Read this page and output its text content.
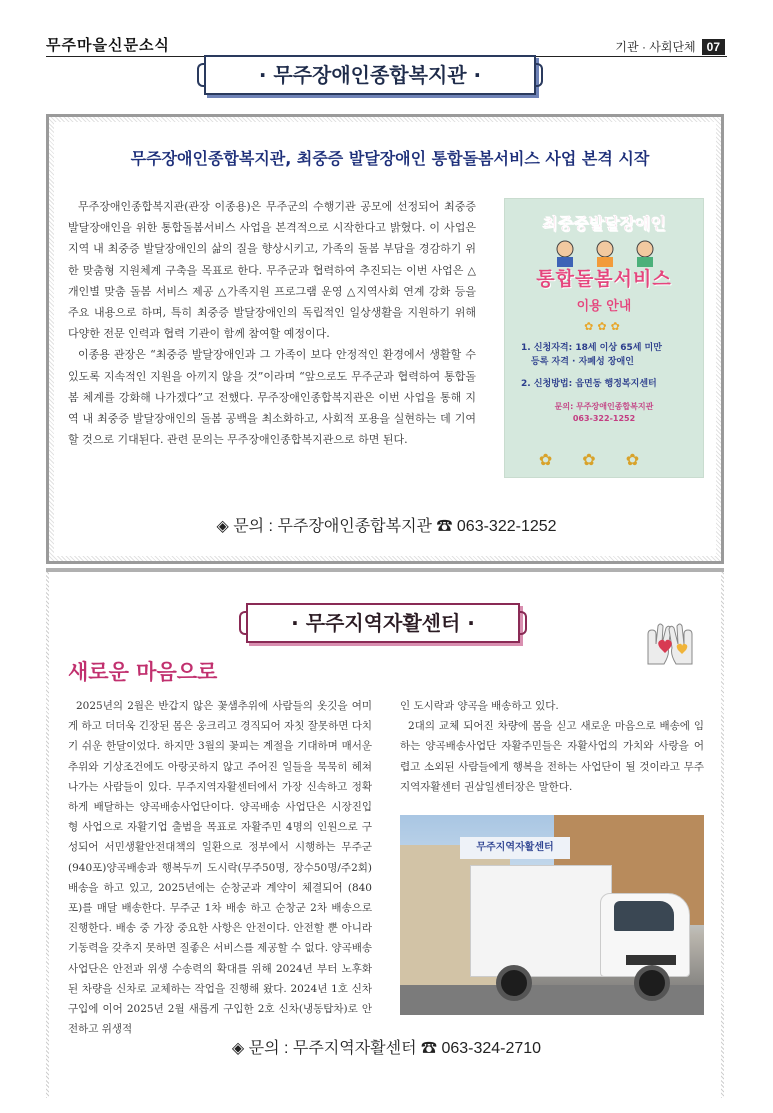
무주마을신문소식	기관 · 사회단체 07
· 무주장애인종합복지관 ·
무주장애인종합복지관, 최중증 발달장애인 통합돌봄서비스 사업 본격 시작

무주장애인종합복지관(관장 이종용)은 무주군의 수행기관 공모에 선정되어 최중증 발달장애인을 위한 통합돌봄서비스 사업을 본격적으로 시작한다고 밝혔다. 이 사업은 지역 내 최중증 발달장애인의 삶의 질을 향상시키고, 가족의 돌봄 부담을 경감하기 위한 맞춤형 지원체계 구축을 목표로 한다. 무주군과 협력하여 추진되는 이번 사업은 △개인별 맞춤 돌봄 서비스 제공 △가족지원 프로그램 운영 △지역사회 연계 강화 등을 주요 내용으로 하며, 특히 최중증 발달장애인의 독립적인 일상생활을 지원하기 위해 다양한 전문 인력과 협력 기관이 함께 참여할 예정이다.

이종용 관장은 “최중증 발달장애인과 그 가족이 보다 안정적인 환경에서 생활할 수 있도록 지속적인 지원을 아끼지 않을 것”이라며 “앞으로도 무주군과 협력하여 통합돌봄 체계를 강화해 나가겠다”고 전했다. 무주장애인종합복지관은 이번 사업을 통해 지역 내 최중증 발달장애인의 돌봄 공백을 최소화하고, 사회적 포용을 실현하는 데 기여할 것으로 기대된다. 관련 문의는 무주장애인종합복지관으로 하면 된다.

최중증발달장애인
통합돌봄서비스
이용 안내
✿✿✿
1. 신청자격: 18세 이상 65세 미만
등록 자격 · 자폐성 장애인
2. 신청방법: 읍면동 행정복지센터
문의: 무주장애인종합복지관
063-322-1252
✿✿✿
◈ 문의 : 무주장애인종합복지관 ☎ 063-322-1252
· 무주지역자활센터 ·
새로운 마음으로

2025년의 2월은 반갑지 않은 꽃샘추위에 사람들의 옷깃을 여미게 하고 더더욱 긴장된 몸은 웅크리고 경직되어 자칫 잘못하면 다치기 쉬운 한달이었다. 하지만 3월의 꽃피는 계절을 기대하며 매서운 추위와 기상조건에도 아랑곳하지 않고 주어진 일들을 묵묵히 헤쳐나가는 사람들이 있다. 무주지역자활센터에서 가장 신속하고 정확하게 배달하는 양곡배송사업단이다. 양곡배송 사업단은 시장진입형 사업으로 자활기업 출범을 목표로 자활주민 4명의 인원으로 구성되어 서민생활안전대책의 일환으로 정부에서 시행하는 무주군(940포)양곡배송과 행복두끼 도시락(무주50명, 장수50명/주2회)배송을 하고 있고, 2025년에는 순창군과 계약이 체결되어 (840포)를 매달 배송한다. 무주군 1차 배송 하고 순창군 2차 배송으로 진행한다. 배송 중 가장 중요한 사항은 안전이다. 안전할 뿐 아니라 기동력을 갖추지 못하면 질좋은 서비스를 제공할 수 없다. 양곡배송사업단은 안전과 위생 수송력의 확대를 위해 2024년 부터 노후화된 차량을 신차로 교체하는 작업을 진행해 왔다. 2024년 1호 신차구입에 이어 2025년 2월 새롭게 구입한 2호 신차(냉동탑차)로 안전하고 위생적

인 도시락과 양곡을 배송하고 있다.

2대의 교체 되어진 차량에 몸을 싣고 새로운 마음으로 배송에 임하는 양곡배송사업단 자활주민들은 자활사업의 가치와 사랑을 어렵고 소외된 사람들에게 행복을 전하는 사업단이 될 것이라고 무주지역자활센터 권삼일센터장은 말한다.

무주지역자활센터
◈ 문의 : 무주지역자활센터 ☎ 063-324-2710
